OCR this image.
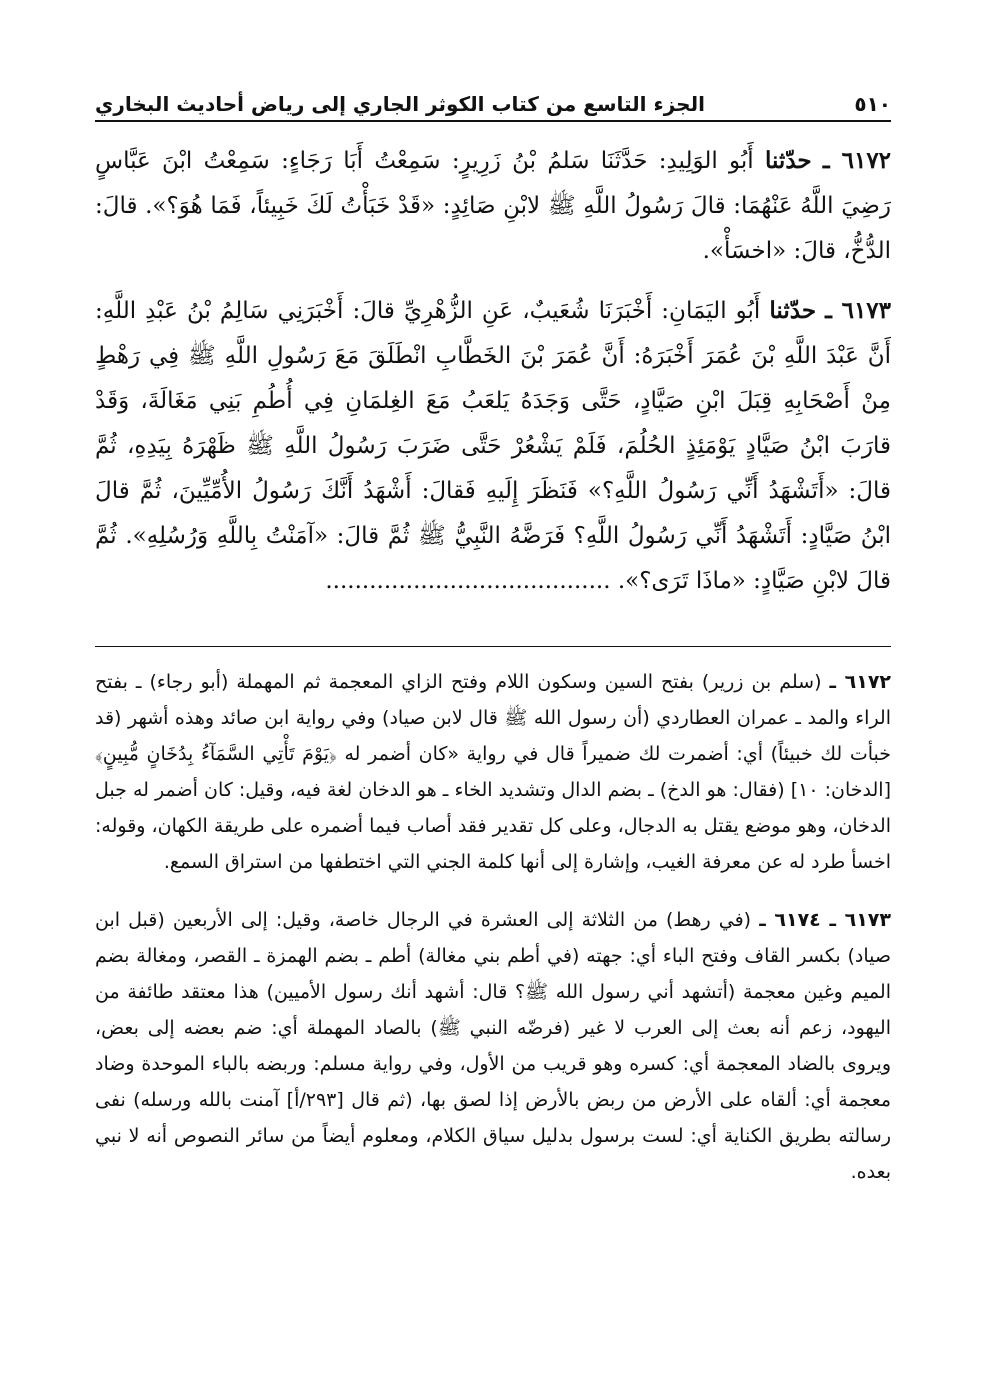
٥١٠
الجزء التاسع من كتاب الكوثر الجاري إلى رياض أحاديث البخاري

٦١٧٢ ـ حدّثنا أَبُو الوَلِيدِ: حَدَّثَنَا سَلمُ بْنُ زَرِيرٍ: سَمِعْتُ أَبَا رَجَاءٍ: سَمِعْتُ ابْنَ عَبَّاسٍ رَضِيَ اللَّهُ عَنْهُمَا: قالَ رَسُولُ اللَّهِ ﷺ لابْنِ صَائِدٍ: «قَدْ خَبَأْتُ لَكَ خَبِيئاً، فَمَا هُوَ؟». قالَ: الدُّخُّ، قالَ: «اخسَأْ».

٦١٧٣ ـ حدّثنا أَبُو اليَمَانِ: أَخْبَرَنَا شُعَيبٌ، عَنِ الزُّهْرِيِّ قالَ: أَخْبَرَنِي سَالِمُ بْنُ عَبْدِ اللَّهِ: أَنَّ عَبْدَ اللَّهِ بْنَ عُمَرَ أَخْبَرَهُ: أَنَّ عُمَرَ بْنَ الخَطَّابِ انْطَلَقَ مَعَ رَسُولِ اللَّهِ ﷺ فِي رَهْطٍ مِنْ أَصْحَابِهِ قِبَلَ ابْنِ صَيَّادٍ، حَتَّى وَجَدَهُ يَلعَبُ مَعَ الغِلمَانِ فِي أُطُمِ بَنِي مَغَالَةَ، وَقَدْ قارَبَ ابْنُ صَيَّادٍ يَوْمَئِذٍ الحُلُمَ، فَلَمْ يَشْعُرْ حَتَّى ضَرَبَ رَسُولُ اللَّهِ ﷺ ظَهْرَهُ بِيَدِهِ، ثُمَّ قالَ: «أَتَشْهَدُ أَنِّي رَسُولُ اللَّهِ؟» فَنَظَرَ إِلَيهِ فَقالَ: أَشْهَدُ أَنَّكَ رَسُولُ الأُمِّيِّينَ، ثُمَّ قالَ ابْنُ صَيَّادٍ: أَتَشْهَدُ أَنِّي رَسُولُ اللَّهِ؟ فَرَضَّهُ النَّبِيُّ ﷺ ثُمَّ قالَ: «آمَنْتُ بِاللَّهِ وَرُسُلِهِ». ثُمَّ قالَ لابْنِ صَيَّادٍ: «ماذَا تَرَى؟». .......................................

٦١٧٢ ـ (سلم بن زرير) بفتح السين وسكون اللام وفتح الزاي المعجمة ثم المهملة (أبو رجاء) ـ بفتح الراء والمد ـ عمران العطاردي (أن رسول الله ﷺ قال لابن صياد) وفي رواية ابن صائد وهذه أشهر (قد خبأت لك خبيئاً) أي: أضمرت لك ضميراً قال في رواية «كان أضمر له ﴿يَوْمَ تَأْتِي السَّمَآءُ بِدُخَانٍ مُّبِينٍ﴾ [الدخان: ١٠] (فقال: هو الدخ) ـ بضم الدال وتشديد الخاء ـ هو الدخان لغة فيه، وقيل: كان أضمر له جبل الدخان، وهو موضع يقتل به الدجال، وعلى كل تقدير فقد أصاب فيما أضمره على طريقة الكهان، وقوله: اخسأ طرد له عن معرفة الغيب، وإشارة إلى أنها كلمة الجني التي اختطفها من استراق السمع.

٦١٧٣ ـ ٦١٧٤ ـ (في رهط) من الثلاثة إلى العشرة في الرجال خاصة، وقيل: إلى الأربعين (قبل ابن صياد) بكسر القاف وفتح الباء أي: جهته (في أطم بني مغالة) أطم ـ بضم الهمزة ـ القصر، ومغالة بضم الميم وغين معجمة (أتشهد أني رسول الله ﷺ؟ قال: أشهد أنك رسول الأميين) هذا معتقد طائفة من اليهود، زعم أنه بعث إلى العرب لا غير (فرضّه النبي ﷺ) بالصاد المهملة أي: ضم بعضه إلى بعض، ويروى بالضاد المعجمة أي: كسره وهو قريب من الأول، وفي رواية مسلم: وربضه بالباء الموحدة وضاد معجمة أي: ألقاه على الأرض من ربض بالأرض إذا لصق بها، (ثم قال [٢٩٣/أ] آمنت بالله ورسله) نفى رسالته بطريق الكناية أي: لست برسول بدليل سياق الكلام، ومعلوم أيضاً من سائر النصوص أنه لا نبي بعده.
